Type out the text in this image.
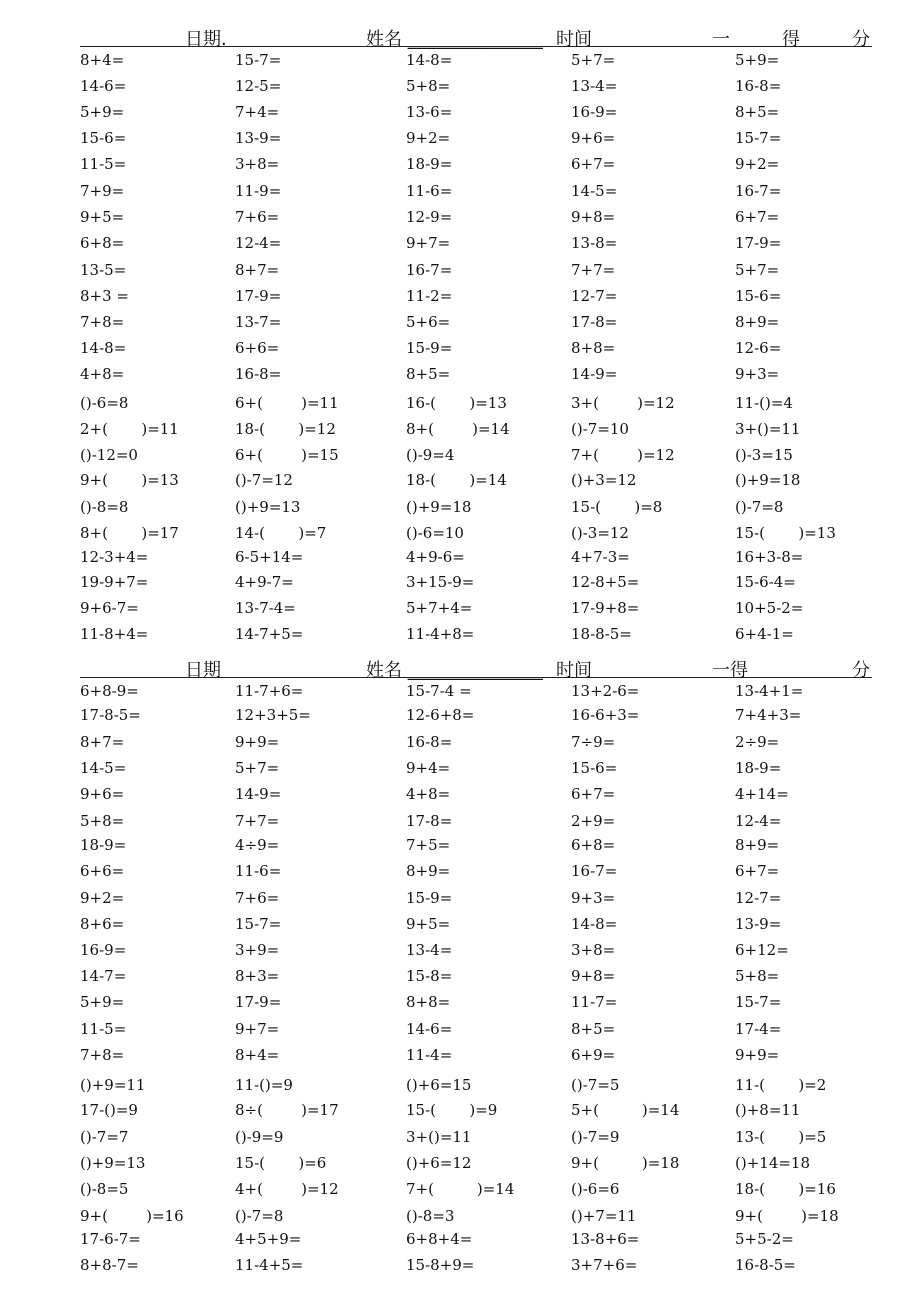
日期.	姓名 _______________ 时间	一	得	分
8+4=	15-7=	14-8=	5+7=	5+9=
14-6=	12-5=	5+8=	13-4=	16-8=
5+9=	7+4=	13-6=	16-9=	8+5=
15-6=	13-9=	9+2=	9+6=	15-7=
11-5=	3+8=	18-9=	6+7=	9+2=
7+9=	11-9=	11-6=	14-5=	16-7=
9+5=	7+6=	12-9=	9+8=	6+7=
6+8=	12-4=	9+7=	13-8=	17-9=
13-5=	8+7=	16-7=	7+7=	5+7=
8+3 =	17-9=	11-2=	12-7=	15-6=
7+8=	13-7=	5+6=	17-8=	8+9=
14-8=	6+6=	15-9=	8+8=	12-6=
4+8=	16-8=	8+5=	14-9=	9+3=
()-6=8	6+(        )=11	16-(       )=13	3+(        )=12	11-()=4
2+(       )=11	18-(       )=12	8+(        )=14	()-7=10	3+()=11
()-12=0	6+(        )=15	()-9=4	7+(        )=12	()-3=15
9+(       )=13	()-7=12	18-(       )=14	()+3=12	()+9=18
()-8=8	()+9=13	()+9=18	15-(       )=8	()-7=8
8+(       )=17	14-(       )=7	()-6=10	()-3=12	15-(       )=13
12-3+4=	6-5+14=	4+9-6=	4+7-3=	16+3-8=
19-9+7=	4+9-7=	3+15-9=	12-8+5=	15-6-4=
9+6-7=	13-7-4=	5+7+4=	17-9+8=	10+5-2=
11-8+4=	14-7+5=	11-4+8=	18-8-5=	6+4-1=
日期	姓名 _______________ 时间	一得	分
6+8-9=	11-7+6=	15-7-4 =	13+2-6=	13-4+1=
17-8-5=	12+3+5=	12-6+8=	16-6+3=	7+4+3=
8+7=	9+9=	16-8=	7÷9=	2÷9=
14-5=	5+7=	9+4=	15-6=	18-9=
9+6=	14-9=	4+8=	6+7=	4+14=
5+8=	7+7=	17-8=	2+9=	12-4=
18-9=	4÷9=	7+5=	6+8=	8+9=
6+6=	11-6=	8+9=	16-7=	6+7=
9+2=	7+6=	15-9=	9+3=	12-7=
8+6=	15-7=	9+5=	14-8=	13-9=
16-9=	3+9=	13-4=	3+8=	6+12=
14-7=	8+3=	15-8=	9+8=	5+8=
5+9=	17-9=	8+8=	11-7=	15-7=
11-5=	9+7=	14-6=	8+5=	17-4=
7+8=	8+4=	11-4=	6+9=	9+9=
()+9=11	11-()=9	()+6=15	()-7=5	11-(       )=2
17-()=9	8÷(        )=17	15-(       )=9	5+(         )=14	()+8=11
()-7=7	()-9=9	3+()=11	()-7=9	13-(       )=5
()+9=13	15-(       )=6	()+6=12	9+(         )=18	()+14=18
()-8=5	4+(        )=12	7+(         )=14	()-6=6	18-(       )=16
9+(        )=16	()-7=8	()-8=3	()+7=11	9+(        )=18
17-6-7=	4+5+9=	6+8+4=	13-8+6=	5+5-2=
8+8-7=	11-4+5=	15-8+9=	3+7+6=	16-8-5=
